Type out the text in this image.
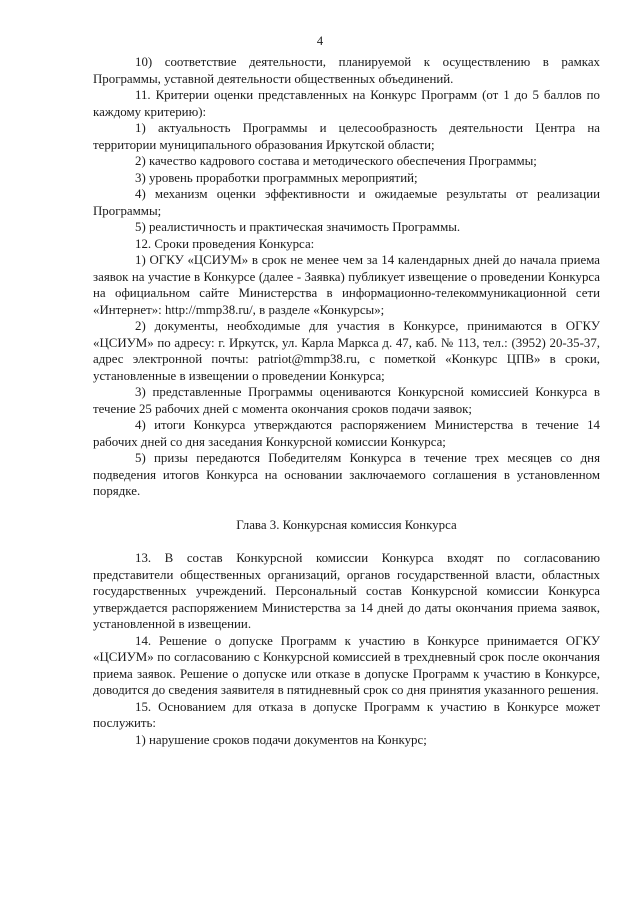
4

10) соответствие деятельности, планируемой к осуществлению в рамках Программы, уставной деятельности общественных объединений.

11. Критерии оценки представленных на Конкурс Программ (от 1 до 5 баллов по каждому критерию):

1) актуальность Программы и целесообразность деятельности Центра на территории муниципального образования Иркутской области;

2) качество кадрового состава и методического обеспечения Программы;

3) уровень проработки программных мероприятий;

4) механизм оценки эффективности и ожидаемые результаты от реализации Программы;

5) реалистичность и практическая значимость Программы.

12. Сроки проведения Конкурса:

1) ОГКУ «ЦСИУМ» в срок не менее чем за 14 календарных дней до начала приема заявок на участие в Конкурсе (далее - Заявка) публикует извещение о проведении Конкурса на официальном сайте Министерства в информационно-телекоммуникационной сети «Интернет»: http://mmp38.ru/, в разделе «Конкурсы»;

2) документы, необходимые для участия в Конкурсе, принимаются в ОГКУ «ЦСИУМ» по адресу: г. Иркутск, ул. Карла Маркса д. 47, каб. № 113, тел.: (3952) 20-35-37, адрес электронной почты: patriot@mmp38.ru, с пометкой «Конкурс ЦПВ» в сроки, установленные в извещении о проведении Конкурса;

3) представленные Программы оцениваются Конкурсной комиссией Конкурса в течение 25 рабочих дней с момента окончания сроков подачи заявок;

4) итоги Конкурса утверждаются распоряжением Министерства в течение 14 рабочих дней со дня заседания Конкурсной комиссии Конкурса;

5) призы передаются Победителям Конкурса в течение трех месяцев со дня подведения итогов Конкурса на основании заключаемого соглашения в установленном порядке.

Глава 3. Конкурсная комиссия Конкурса

13. В состав Конкурсной комиссии Конкурса входят по согласованию представители общественных организаций, органов государственной власти, областных государственных учреждений. Персональный состав Конкурсной комиссии Конкурса утверждается распоряжением Министерства за 14 дней до даты окончания приема заявок, установленной в извещении.

14. Решение о допуске Программ к участию в Конкурсе принимается ОГКУ «ЦСИУМ» по согласованию с Конкурсной комиссией в трехдневный срок после окончания приема заявок. Решение о допуске или отказе в допуске Программ к участию в Конкурсе, доводится до сведения заявителя в пятидневный срок со дня принятия указанного решения.

15. Основанием для отказа в допуске Программ к участию в Конкурсе может послужить:

1) нарушение сроков подачи документов на Конкурс;
